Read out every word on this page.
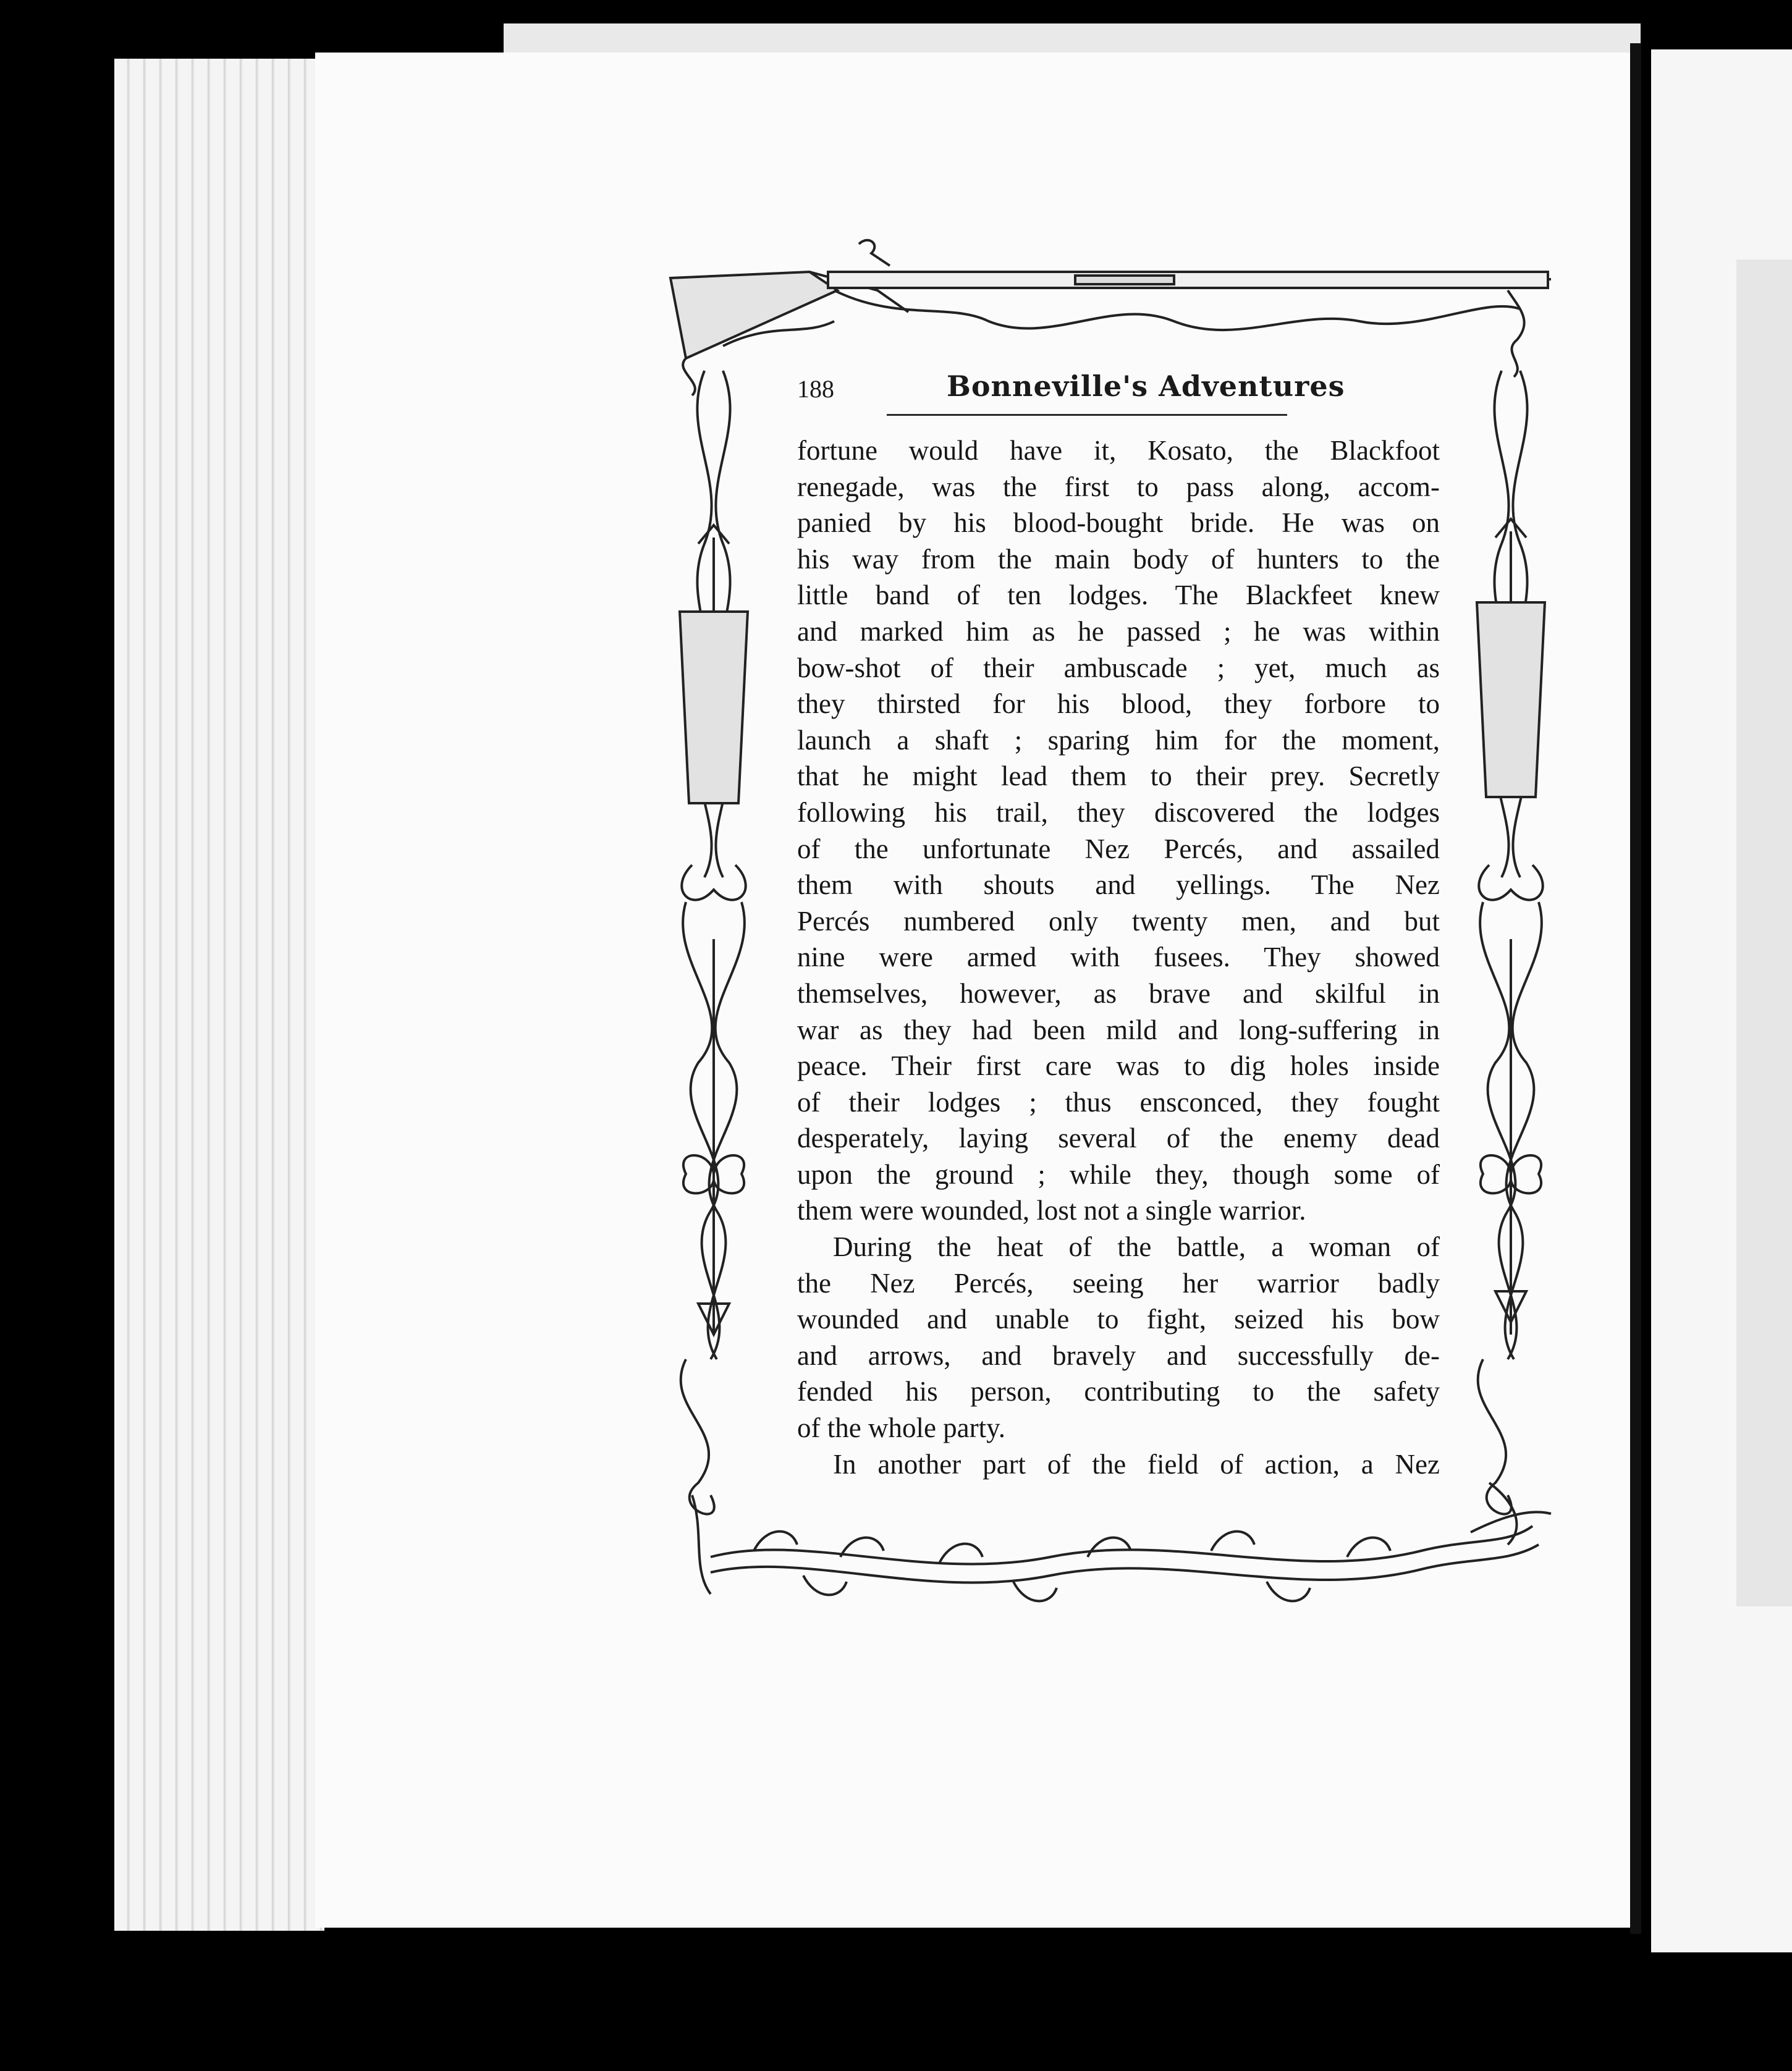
188	Bonneville's Adventures
fortune would have it, Kosato, the Blackfoot
renegade, was the first to pass along, accom-
panied by his blood-bought bride. He was on
his way from the main body of hunters to the
little band of ten lodges. The Blackfeet knew
and marked him as he passed ; he was within
bow-shot of their ambuscade ; yet, much as
they thirsted for his blood, they forbore to
launch a shaft ; sparing him for the moment,
that he might lead them to their prey. Secretly
following his trail, they discovered the lodges
of the unfortunate Nez Percés, and assailed
them with shouts and yellings. The Nez
Percés numbered only twenty men, and but
nine were armed with fusees. They showed
themselves, however, as brave and skilful in
war as they had been mild and long-suffering in
peace. Their first care was to dig holes inside
of their lodges ; thus ensconced, they fought
desperately, laying several of the enemy dead
upon the ground ; while they, though some of
them were wounded, lost not a single warrior.
During the heat of the battle, a woman of
the Nez Percés, seeing her warrior badly
wounded and unable to fight, seized his bow
and arrows, and bravely and successfully de-
fended his person, contributing to the safety
of the whole party.
In another part of the field of action, a Nez
